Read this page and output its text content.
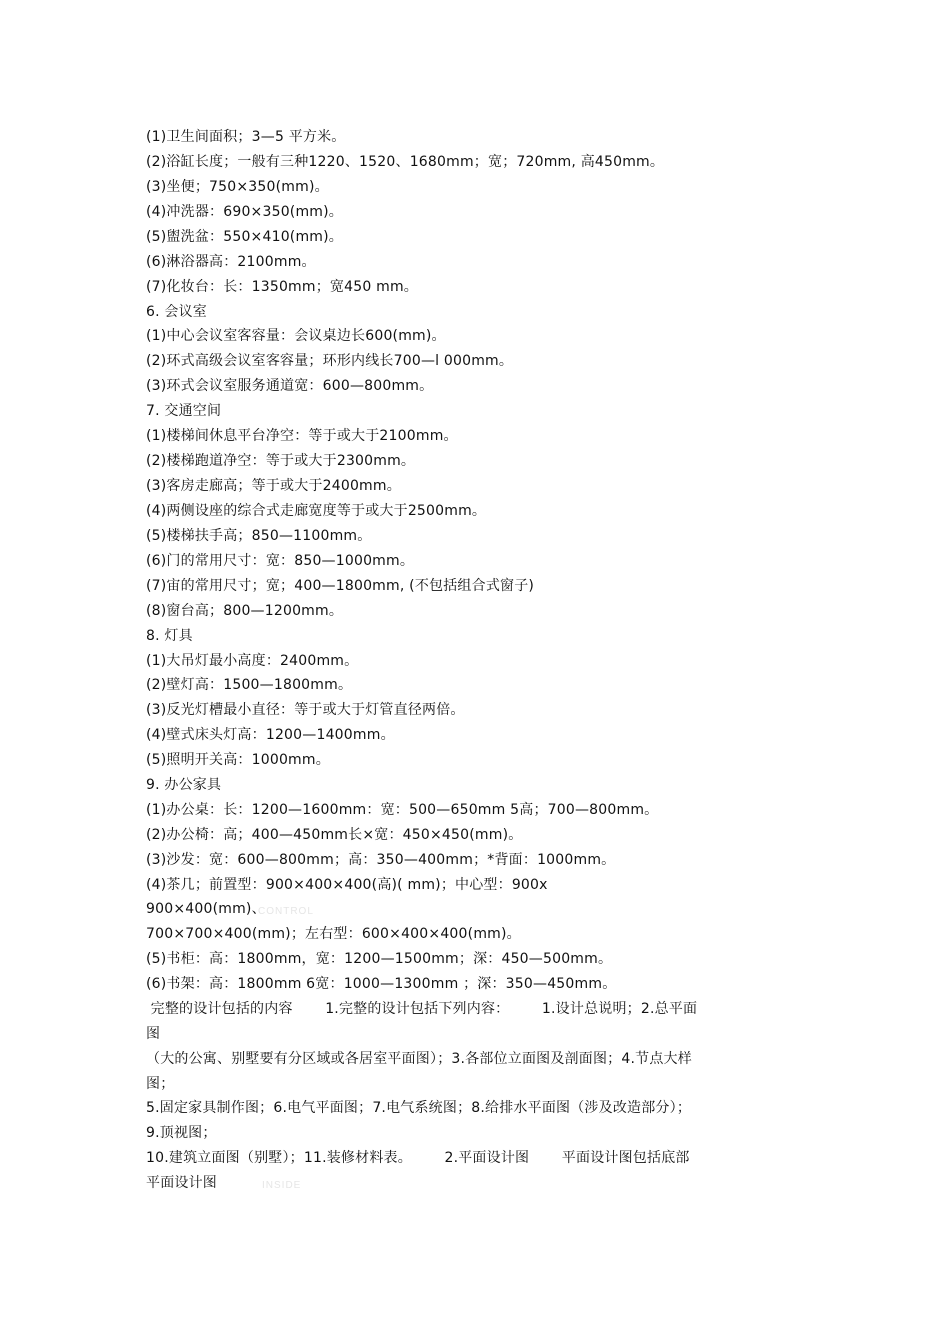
(1)卫生间面积；3—5 平方米。
(2)浴缸长度；一般有三种1220、1520、1680mm；宽；720mm, 高450mm。
(3)坐便；750×350(mm)。
(4)冲洗器：690×350(mm)。
(5)盥洗盆：550×410(mm)。
(6)淋浴器高：2100mm。
(7)化妆台：长：1350mm；宽450 mm。
6. 会议室
(1)中心会议室客容量：会议桌边长600(mm)。
(2)环式高级会议室客容量；环形内线长700—l 000mm。
(3)环式会议室服务通道宽：600—800mm。
7. 交通空间
(1)楼梯间休息平台净空：等于或大于2100mm。
(2)楼梯跑道净空：等于或大于2300mm。
(3)客房走廊高；等于或大于2400mm。
(4)两侧设座的综合式走廊宽度等于或大于2500mm。
(5)楼梯扶手高；850—1100mm。
(6)门的常用尺寸：宽：850—1000mm。
(7)宙的常用尺寸；宽；400—1800mm, (不包括组合式窗子)
(8)窗台高；800—1200mm。
8. 灯具
(1)大吊灯最小高度：2400mm。
(2)壁灯高：1500—1800mm。
(3)反光灯槽最小直径：等于或大于灯管直径两倍。
(4)壁式床头灯高：1200—1400mm。
(5)照明开关高：1000mm。
9. 办公家具
(1)办公桌：长：1200—1600mm：宽：500—650mm 5高；700—800mm。
(2)办公椅：高；400—450mm长×宽：450×450(mm)。
(3)沙发：宽：600—800mm；高：350—400mm；*背面：1000mm。
(4)茶几；前置型：900×400×400(高)( mm)；中心型：900x
900×400(mm)、
700×700×400(mm)；左右型：600×400×400(mm)。
(5)书柜：高：1800mm，宽：1200—1500mm；深：450—500mm。
(6)书架：高：1800mm 6宽：1000—1300mm ；深：350—450mm。
完整的设计包括的内容       1.完整的设计包括下列内容：       1.设计总说明；2.总平面
图
（大的公寓、别墅要有分区域或各居室平面图）；3.各部位立面图及剖面图；4.节点大样
图；
5.固定家具制作图；6.电气平面图；7.电气系统图；8.给排水平面图（涉及改造部分）；
9.顶视图；
10.建筑立面图（别墅）；11.装修材料表。       2.平面设计图       平面设计图包括底部
平面设计图
CONTROL
INSIDE
